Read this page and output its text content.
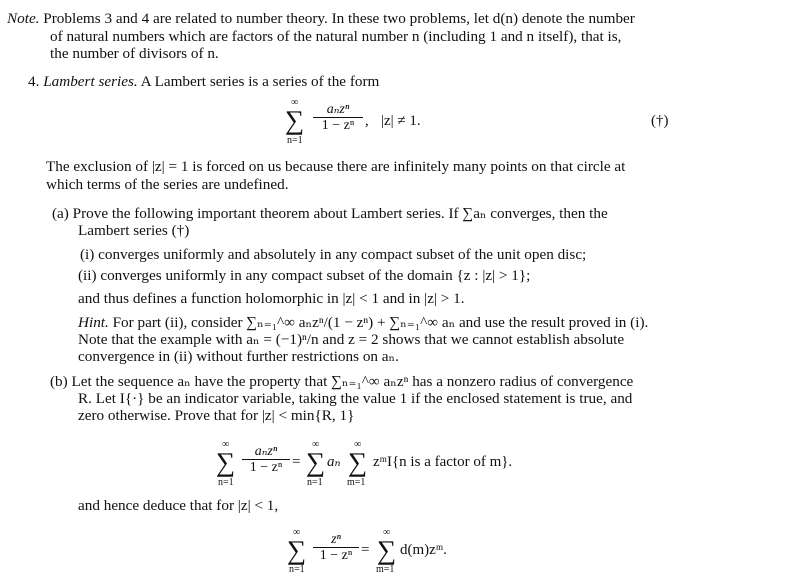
Note. Problems 3 and 4 are related to number theory. In these two problems, let d(n) denote the number
of natural numbers which are factors of the natural number n (including 1 and n itself), that is,
the number of divisors of n.
4. Lambert series. A Lambert series is a series of the form
∞
∑
n=1
aₙzⁿ
1 − zⁿ , |z| ≠ 1.	(†)
The exclusion of |z| = 1 is forced on us because there are infinitely many points on that circle at
which terms of the series are undefined.
(a) Prove the following important theorem about Lambert series. If ∑aₙ converges, then the
Lambert series (†)
(i) converges uniformly and absolutely in any compact subset of the unit open disc;
(ii) converges uniformly in any compact subset of the domain {z : |z| > 1};
and thus defines a function holomorphic in |z| < 1 and in |z| > 1.
Hint. For part (ii), consider ∑ₙ₌₁^∞ aₙzⁿ/(1 − zⁿ) + ∑ₙ₌₁^∞ aₙ and use the result proved in (i).
Note that the example with aₙ = (−1)ⁿ/n and z = 2 shows that we cannot establish absolute
convergence in (ii) without further restrictions on aₙ.
(b) Let the sequence aₙ have the property that ∑ₙ₌₁^∞ aₙzⁿ has a nonzero radius of convergence
R. Let I{·} be an indicator variable, taking the value 1 if the enclosed statement is true, and
zero otherwise. Prove that for |z| < min{R, 1}
∞
∑
n=1
aₙzⁿ
1 − zⁿ =
∞
∑
n=1
aₙ
∞
∑
m=1
zᵐI{n is a factor of m}.
and hence deduce that for |z| < 1,
∞
∑
n=1
zⁿ
1 − zⁿ =
∞
∑
m=1
d(m)zᵐ.
